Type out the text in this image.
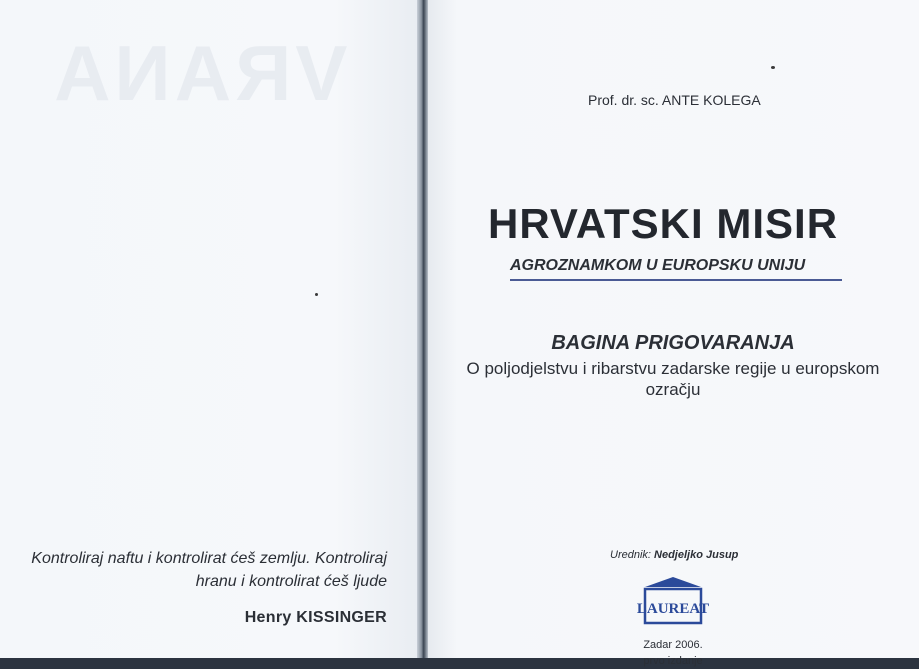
VRANA
Kontroliraj naftu i kontrolirat ćeš zemlju. Kontroliraj hranu i kontrolirat ćeš ljude
Henry KISSINGER
Prof. dr. sc. ANTE KOLEGA
HRVATSKI MISIR
AGROZNAMKOM U EUROPSKU UNIJU
BAGINA PRIGOVARANJA
O poljodjelstvu i ribarstvu zadarske regije u europskom ozračju
Urednik: Nedjeljko Jusup
LAUREAT
Zadar 2006.
prvo izdanje
